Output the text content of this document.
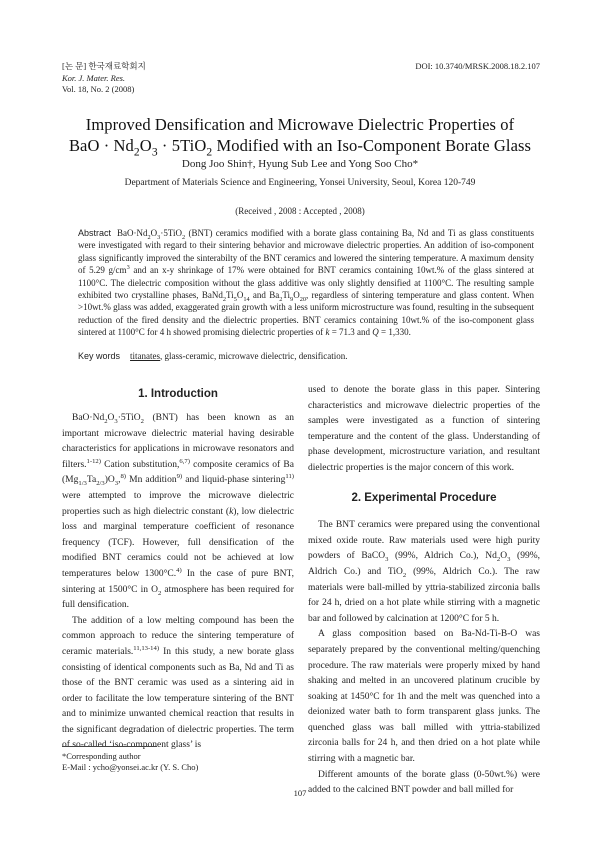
[논 문] 한국재료학회지
Kor. J. Mater. Res.
Vol. 18, No. 2 (2008)
DOI: 10.3740/MRSK.2008.18.2.107
Improved Densification and Microwave Dielectric Properties of
BaO · $Nd_2O_3 \cdot 5TiO_2$ Modified with an Iso-Component Borate Glass
Dong Joo Shin†, Hyung Sub Lee and Yong Soo Cho*
Department of Materials Science and Engineering, Yonsei University, Seoul, Korea 120-749
(Received , 2008 : Accepted , 2008)
Abstract $BaO\cdot Nd_2O_3\cdot 5TiO_2$ (BNT) ceramics modified with a borate glass containing Ba, Nd and Ti as glass constituents were investigated with regard to their sintering behavior and microwave dielectric properties. An addition of iso-component glass significantly improved the sinterabilty of the BNT ceramics and lowered the sintering temperature. A maximum density of 5.29 $g/cm^3$ and an x-y shrinkage of 17% were obtained for BNT ceramics containing 10wt.% of the glass sintered at 1100°C. The dielectric composition without the glass additive was only slightly densified at 1100°C. The resulting sample exhibited two crystalline phases, $BaNd_2Ti_5O_{14}$ and $Ba_2Ti_9O_{20}$, regardless of sintering temperature and glass content. When >10wt.% glass was added, exaggerated grain growth with a less uniform microstructure was found, resulting in the subsequent reduction of the fired density and the dielectric properties. BNT ceramics containing 10wt.% of the iso-component glass sintered at 1100°C for 4 h showed promising dielectric properties of k = 71.3 and Q = 1,330.
Key words titanates, glass-ceramic, microwave dielectric, densification.
1. Introduction

$BaO\cdot Nd_2O_3\cdot 5TiO_2$ (BNT) has been known as an important microwave dielectric material having desirable characteristics for applications in microwave resonators and filters.$^{1-12)}$ Cation substitution,$^{6,7)}$ composite ceramics of Ba $(Mg_{1/3}Ta_{2/3})O_3,^{8)}$ Mn addition$^{9)}$ and liquid-phase sintering$^{11)}$ were attempted to improve the microwave dielectric properties such as high dielectric constant (k), low dielectric loss and marginal temperature coefficient of resonance frequency (TCF). However, full densification of the modified BNT ceramics could not be achieved at low temperatures below 1300°C.$^{4)}$ In the case of pure BNT, sintering at 1500°C in $O_2$ atmosphere has been required for full densification.

The addition of a low melting compound has been the common approach to reduce the sintering temperature of ceramic materials.$^{11,13-14)}$ In this study, a new borate glass consisting of identical components such as Ba, Nd and Ti as those of the BNT ceramic was used as a sintering aid in order to facilitate the low temperature sintering of the BNT and to minimize unwanted chemical reaction that results in the significant degradation of dielectric properties. The term of so-called ‘iso-component glass’ is

used to denote the borate glass in this paper. Sintering characteristics and microwave dielectric properties of the samples were investigated as a function of sintering temperature and the content of the glass. Understanding of phase development, microstructure variation, and resultant dielectric properties is the major concern of this work.

2. Experimental Procedure

The BNT ceramics were prepared using the conventional mixed oxide route. Raw materials used were high purity powders of BaCO$_3$ (99%, Aldrich Co.), $Nd_2O_3$ (99%, Aldrich Co.) and TiO$_2$ (99%, Aldrich Co.). The raw materials were ball-milled by yttria-stabilized zirconia balls for 24 h, dried on a hot plate while stirring with a magnetic bar and followed by calcination at 1200°C for 5 h.

A glass composition based on Ba-Nd-Ti-B-O was separately prepared by the conventional melting/quenching procedure. The raw materials were properly mixed by hand shaking and melted in an uncovered platinum crucible by soaking at 1450°C for 1h and the melt was quenched into a deionized water bath to form transparent glass junks. The quenched glass was ball milled with yttria-stabilized zirconia balls for 24 h, and then dried on a hot plate while stirring with a magnetic bar.

Different amounts of the borate glass (0-50wt.%) were added to the calcined BNT powder and ball milled for

*Corresponding author
E-Mail : ycho@yonsei.ac.kr (Y. S. Cho)
107
